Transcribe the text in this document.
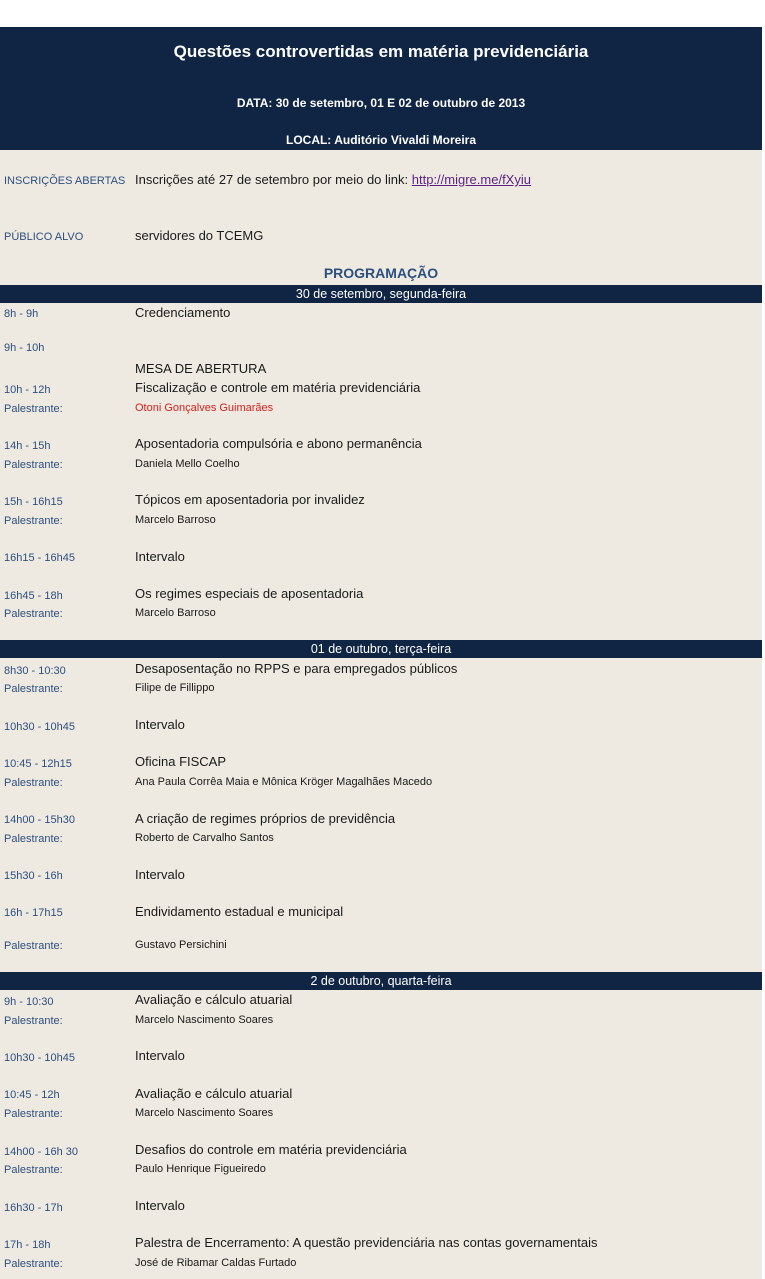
Questões controvertidas em matéria previdenciária
DATA: 30 de setembro, 01 E 02 de outubro de 2013
LOCAL: Auditório Vivaldi Moreira
INSCRIÇÕES ABERTAS Inscrições até 27 de setembro por meio do link: http://migre.me/fXyiu
PÚBLICO ALVO	servidores do TCEMG
PROGRAMAÇÃO
30 de setembro, segunda-feira
8h - 9h	Credenciamento
9h - 10h
MESA DE ABERTURA
10h - 12h	Fiscalização e controle em matéria previdenciária
Palestrante:	Otoni Gonçalves Guimarães
14h - 15h	Aposentadoria compulsória e abono permanência
Palestrante:	Daniela Mello Coelho
15h - 16h15	Tópicos em aposentadoria por invalidez
Palestrante:	Marcelo Barroso
16h15 - 16h45	Intervalo
16h45 - 18h	Os regimes especiais de aposentadoria
Palestrante:	Marcelo Barroso
01 de outubro, terça-feira
8h30 - 10:30	Desaposentação no RPPS e para empregados públicos
Palestrante:	Filipe de Fillippo
10h30 - 10h45	Intervalo
10:45 - 12h15	Oficina FISCAP
Palestrante:	Ana Paula Corrêa Maia e Mônica Kröger Magalhães Macedo
14h00 - 15h30	A criação de regimes próprios de previdência
Palestrante:	Roberto de Carvalho Santos
15h30 - 16h	Intervalo
16h - 17h15	Endividamento estadual e municipal
Palestrante:	Gustavo Persichini
2 de outubro, quarta-feira
9h - 10:30	Avaliação e cálculo atuarial
Palestrante:	Marcelo Nascimento Soares
10h30 - 10h45	Intervalo
10:45 - 12h	Avaliação e cálculo atuarial
Palestrante:	Marcelo Nascimento Soares
14h00 - 16h 30	Desafios do controle em matéria previdenciária
Palestrante:	Paulo Henrique Figueiredo
16h30 - 17h	Intervalo
17h - 18h	Palestra de Encerramento: A questão previdenciária nas contas governamentais
Palestrante:	José de Ribamar Caldas Furtado
